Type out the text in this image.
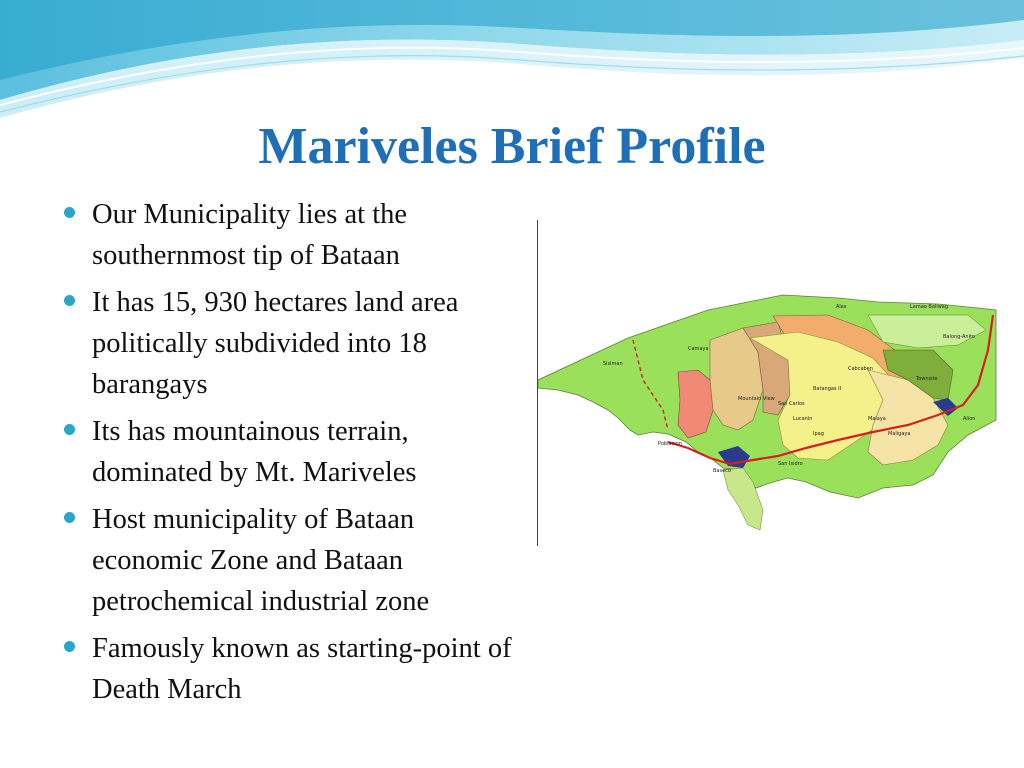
Mariveles Brief Profile
Our Municipality lies at the southernmost tip of Bataan
It has 15, 930 hectares land area politically subdivided into 18 barangays
Its has mountainous terrain, dominated by Mt. Mariveles
Host municipality of Bataan economic Zone and Bataan petrochemical industrial zone
Famously known as starting-point of Death March
Alas	Lamao Baliwag
Cabcaben
Townsite
Balong-Anito
Camaya
Sisiman
Mountain View
San Carlos
Poblacion
Lucanin
Ipag
Baseco
Batangas II
Malaya
Maligaya
Alion
San Isidro
